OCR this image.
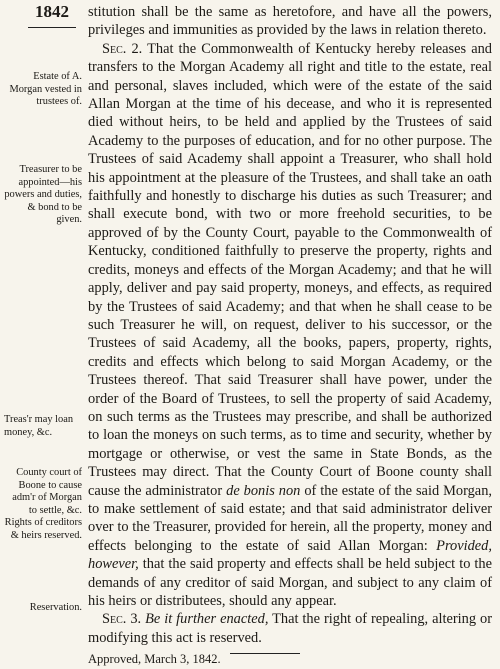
1842
Estate of A. Morgan vested in trustees of.
Treasurer to be appointed—his powers and duties, & bond to be given.
Treas'r may loan money, &c.
County court of Boone to cause adm'r of Morgan to settle, &c. Rights of creditors & heirs reserved.
Reservation.

stitution shall be the same as heretofore, and have all the powers, privileges and immunities as provided by the laws in relation thereto.

Sec. 2. That the Commonwealth of Kentucky hereby releases and transfers to the Morgan Academy all right and title to the estate, real and personal, slaves included, which were of the estate of the said Allan Morgan at the time of his decease, and who it is represented died without heirs, to be held and applied by the Trustees of said Academy to the purposes of education, and for no other purpose. The Trustees of said Academy shall appoint a Treasurer, who shall hold his appointment at the pleasure of the Trustees, and shall take an oath faithfully and honestly to discharge his duties as such Treasurer; and shall execute bond, with two or more freehold securities, to be approved of by the County Court, payable to the Commonwealth of Kentucky, conditioned faithfully to preserve the property, rights and credits, moneys and effects of the Morgan Academy; and that he will apply, deliver and pay said property, moneys, and effects, as required by the Trustees of said Academy; and that when he shall cease to be such Treasurer he will, on request, deliver to his successor, or the Trustees of said Academy, all the books, papers, property, rights, credits and effects which belong to said Morgan Academy, or the Trustees thereof. That said Treasurer shall have power, under the order of the Board of Trustees, to sell the property of said Academy, on such terms as the Trustees may prescribe, and shall be authorized to loan the moneys on such terms, as to time and security, whether by mortgage or otherwise, or vest the same in State Bonds, as the Trustees may direct. That the County Court of Boone county shall cause the administrator de bonis non of the estate of the said Morgan, to make settlement of said estate; and that said administrator deliver over to the Treasurer, provided for herein, all the property, money and effects belonging to the estate of said Allan Morgan: Provided, however, that the said property and effects shall be held subject to the demands of any creditor of said Morgan, and subject to any claim of his heirs or distributees, should any appear.

Sec. 3. Be it further enacted, That the right of repealing, altering or modifying this act is reserved.

Approved, March 3, 1842.
